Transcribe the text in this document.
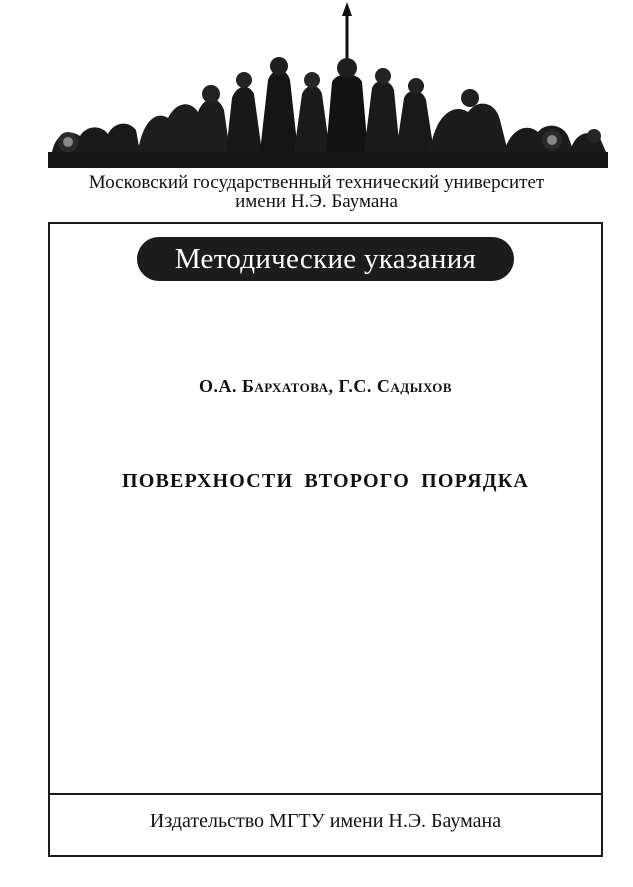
Московский государственный технический университет
имени Н.Э. Баумана
Методические указания
О.А. Бархатова, Г.С. Садыхов
ПОВЕРХНОСТИ ВТОРОГО ПОРЯДКА
Издательство МГТУ имени Н.Э. Баумана
